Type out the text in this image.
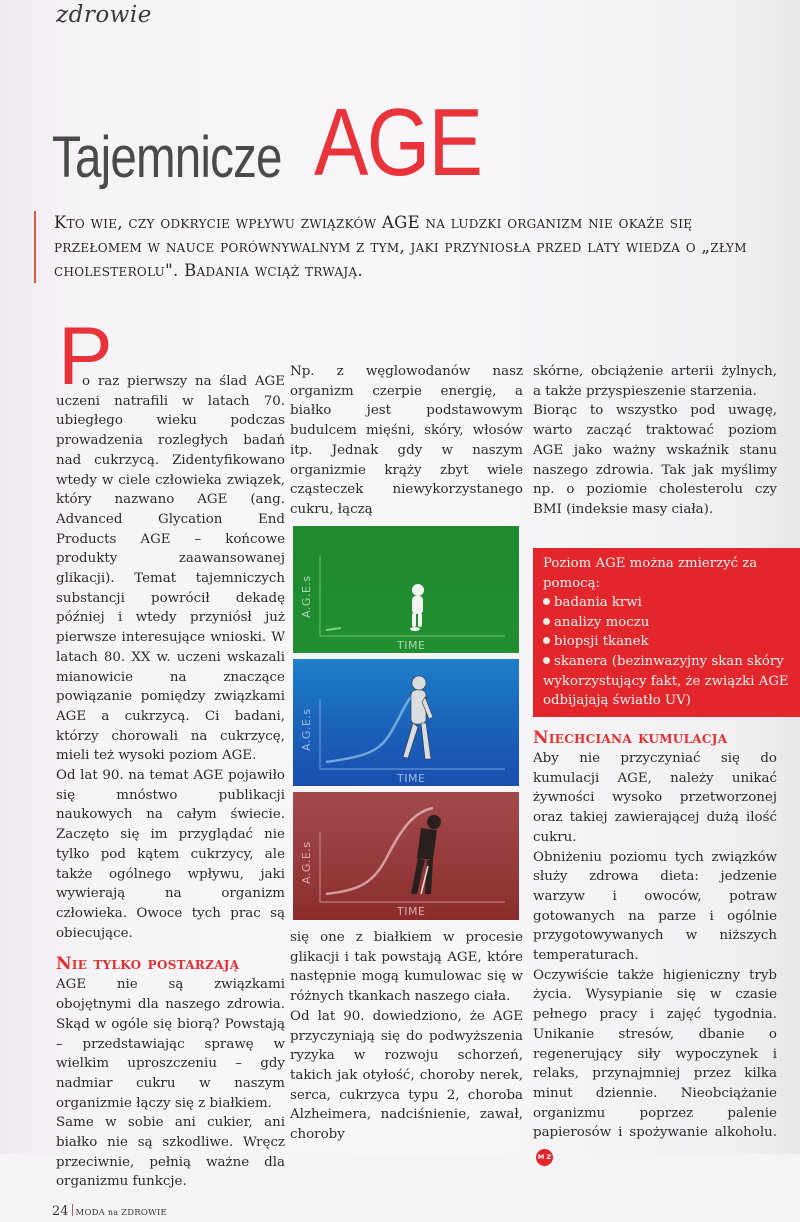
zdrowie
Tajemnicze AGE
Kto wie, czy odkrycie wpływu związków AGE na ludzki organizm nie okaże się przełomem w nauce porównywalnym z tym, jaki przyniosła przed laty wiedza o „złym cholesterolu". Badania wciąż trwają.
P

o raz pierwszy na ślad AGE uczeni natrafili w latach 70. ubiegłego wieku podczas prowadzenia rozległych badań nad cukrzycą. Zidentyfikowano wtedy w ciele człowieka związek, który nazwano AGE (ang. Advanced Glycation End Products AGE – końcowe produkty zaawansowanej glikacji). Temat tajemniczych substancji powrócił dekadę później i wtedy przyniósł już pierwsze interesujące wnioski. W latach 80. XX w. uczeni wskazali mianowicie na znaczące powiązanie pomiędzy związkami AGE a cukrzycą. Ci badani, którzy chorowali na cukrzycę, mieli też wysoki poziom AGE.

Od lat 90. na temat AGE pojawiło się mnóstwo publikacji naukowych na całym świecie. Zaczęto się im przyglądać nie tylko pod kątem cukrzycy, ale także ogólnego wpływu, jaki wywierają na organizm człowieka. Owoce tych prac są obiecujące.

Nie tylko postarzają

AGE nie są związkami obojętnymi dla naszego zdrowia. Skąd w ogóle się biorą? Powstają – przedstawiając sprawę w wielkim uproszczeniu – gdy nadmiar cukru w naszym organizmie łączy się z białkiem.

Same w sobie ani cukier, ani białko nie są szkodliwe. Wręcz przeciwnie, pełnią ważne dla organizmu funkcje.

Np. z węglowodanów nasz organizm czerpie energię, a białko jest podstawowym budulcem mięśni, skóry, włosów itp. Jednak gdy w naszym organizmie krąży zbyt wiele cząsteczek niewykorzystanego cukru, łączą

A.G.E.s
TIME
A.G.E.s
TIME
A.G.E.s
TIME

się one z białkiem w procesie glikacji i tak powstają AGE, które następnie mogą kumulowac się w różnych tkankach naszego ciała.

Od lat 90. dowiedziono, że AGE przyczyniają się do podwyższenia ryzyka w rozwoju schorzeń, takich jak otyłość, choroby nerek, serca, cukrzyca typu 2, choroba Alzheimera, nadciśnienie, zawał, choroby

skórne, obciążenie arterii żylnych, a także przyspieszenie starzenia.

Biorąc to wszystko pod uwagę, warto zacząć traktować poziom AGE jako ważny wskaźnik stanu naszego zdrowia. Tak jak myślimy np. o poziomie cholesterolu czy BMI (indeksie masy ciała).

Poziom AGE można zmierzyć za pomocą:
badania krwi
analizy moczu
biopsji tkanek
skanera (bezinwazyjny skan skóry wykorzystujący fakt, że związki AGE odbijajają światło UV)
Niechciana kumulacja

Aby nie przyczyniać się do kumulacji AGE, należy unikać żywności wysoko przetworzonej oraz takiej zawierającej dużą ilość cukru.

Obniżeniu poziomu tych związków służy zdrowa dieta: jedzenie warzyw i owoców, potraw gotowanych na parze i ogólnie przygotowywanych w niższych temperaturach.

Oczywiście także higieniczny tryb życia. Wysypianie się w czasie pełnego pracy i zajęć tygodnia. Unikanie stresów, dbanie o regenerujący siły wypoczynek i relaks, przynajmniej przez kilka minut dziennie. Nieobciążanie organizmu poprzez palenie papierosów i spożywanie alkoholu.M Z

24 MODA na ZDROWIE
